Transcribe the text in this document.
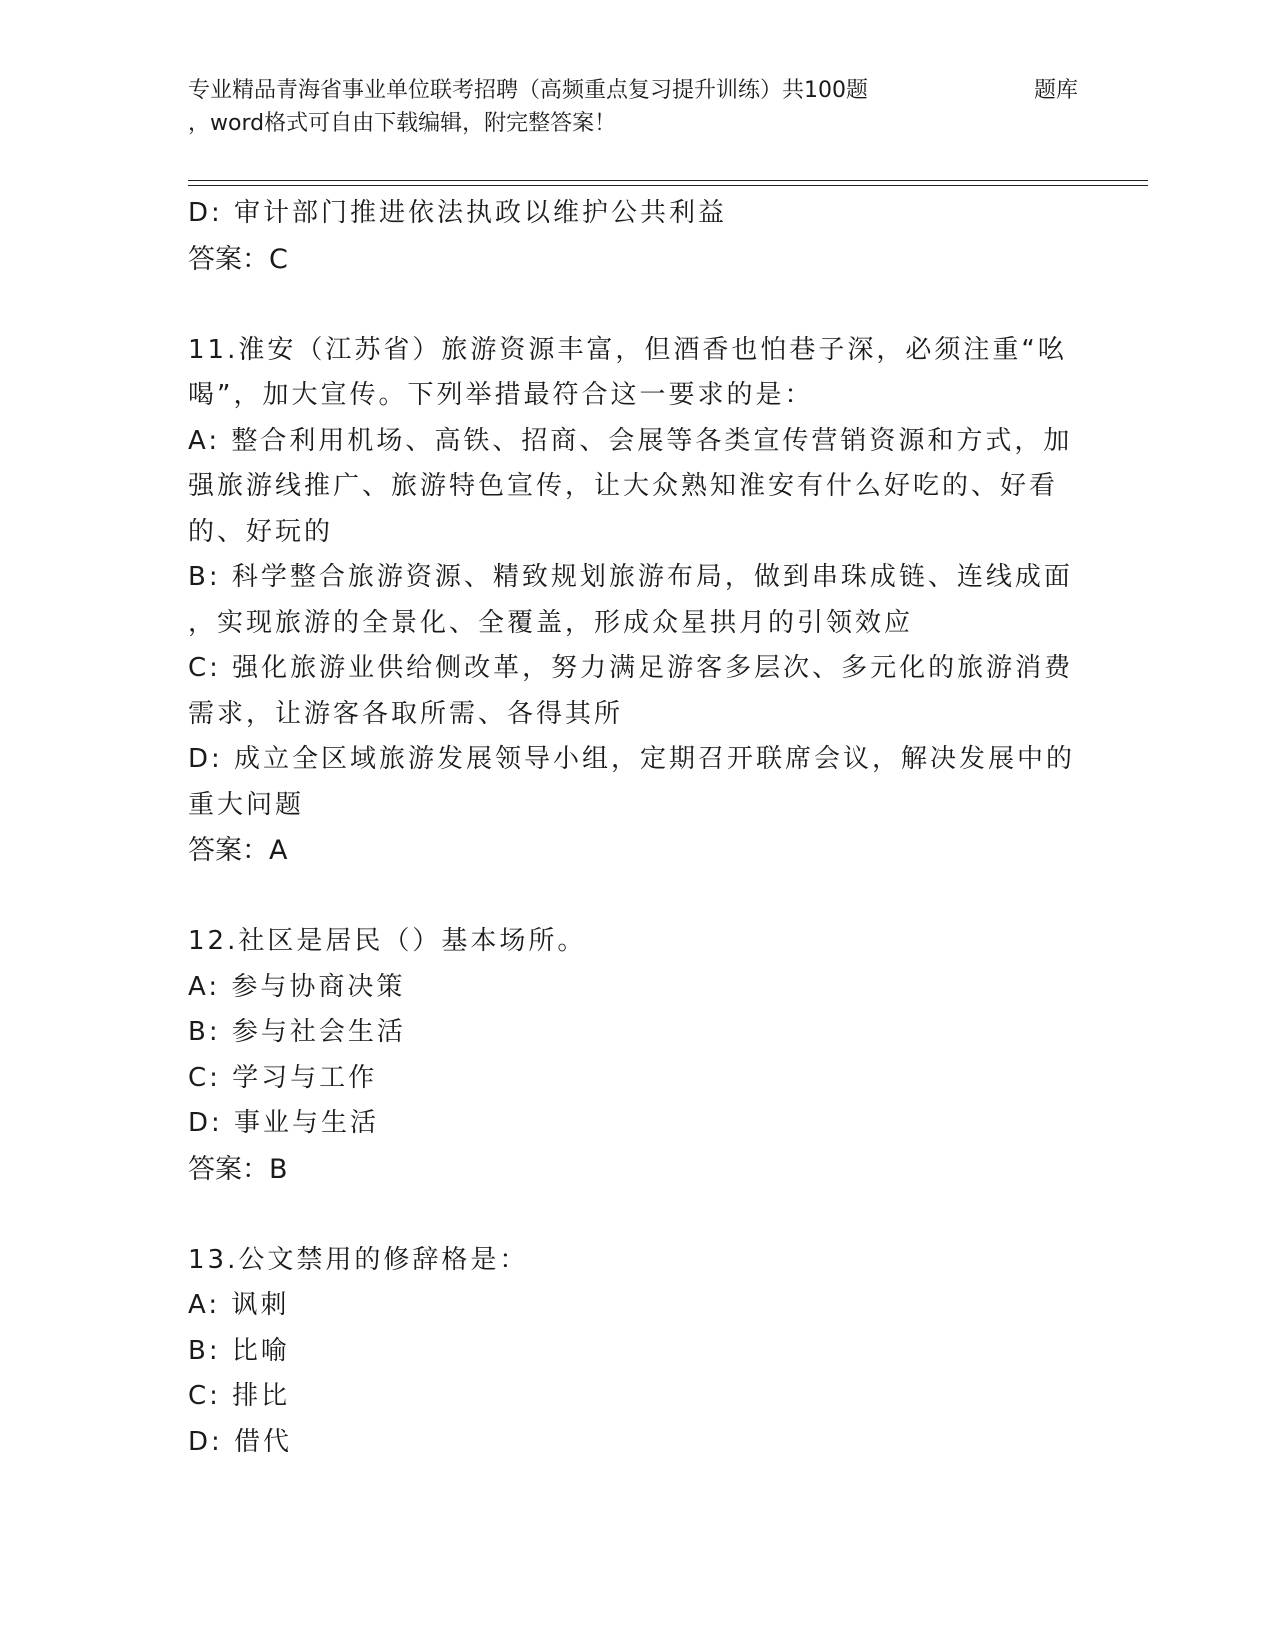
专业精品青海省事业单位联考招聘（高频重点复习提升训练）共100题	题库
，word格式可自由下载编辑，附完整答案！

D: 审计部门推进依法执政以维护公共利益

答案：C

11.淮安（江苏省）旅游资源丰富，但酒香也怕巷子深，必须注重“吆

喝”，加大宣传。下列举措最符合这一要求的是：

A: 整合利用机场、高铁、招商、会展等各类宣传营销资源和方式，加

强旅游线推广、旅游特色宣传，让大众熟知淮安有什么好吃的、好看

的、好玩的

B: 科学整合旅游资源、精致规划旅游布局，做到串珠成链、连线成面

，实现旅游的全景化、全覆盖，形成众星拱月的引领效应

C: 强化旅游业供给侧改革，努力满足游客多层次、多元化的旅游消费

需求，让游客各取所需、各得其所

D: 成立全区域旅游发展领导小组，定期召开联席会议，解决发展中的

重大问题

答案：A

12.社区是居民（）基本场所。

A: 参与协商决策

B: 参与社会生活

C: 学习与工作

D: 事业与生活

答案：B

13.公文禁用的修辞格是：

A: 讽刺

B: 比喻

C: 排比

D: 借代
